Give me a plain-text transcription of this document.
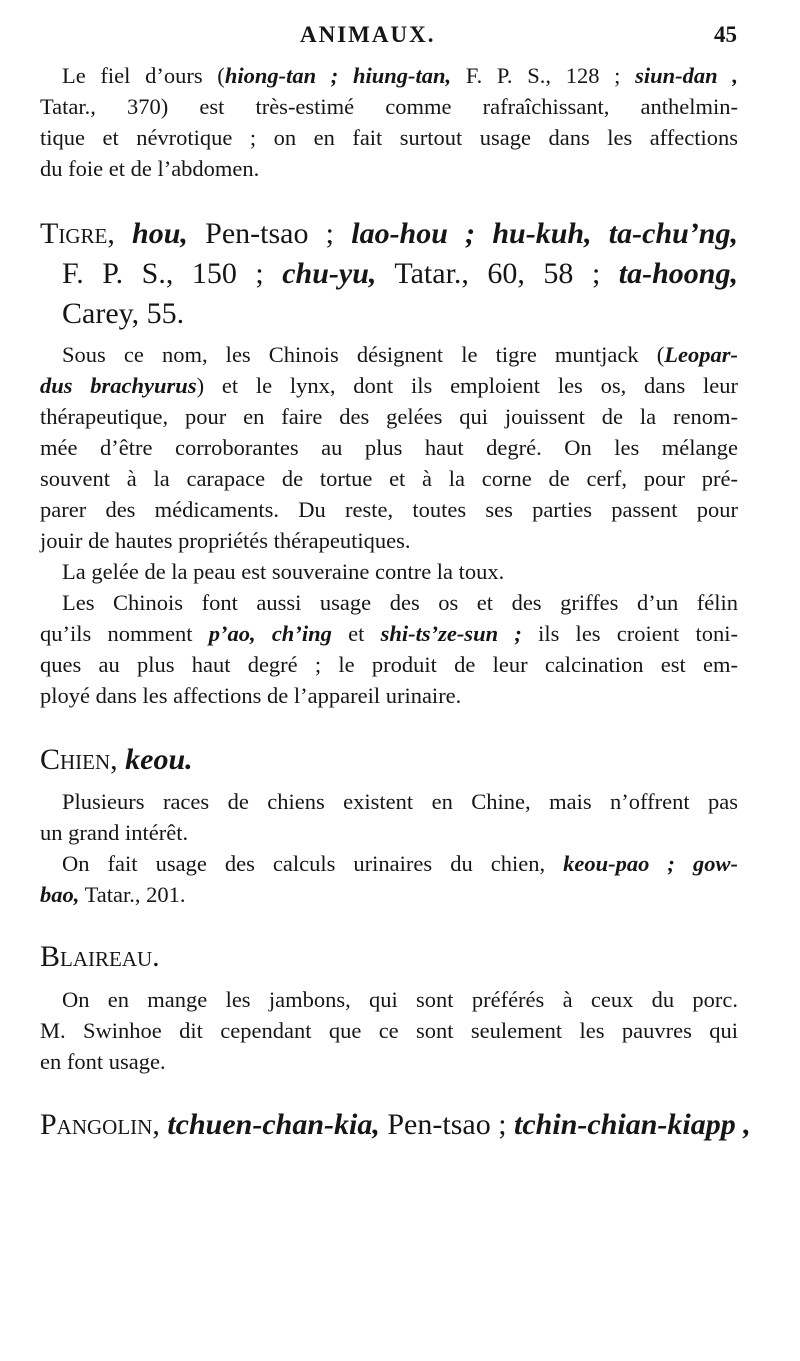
ANIMAUX.	45
Le fiel d’ours (hiong-tan ; hiung-tan, F. P. S., 128 ; siun-dan ,
Tatar., 370) est très-estimé comme rafraîchissant, anthelmin-
tique et névrotique ; on en fait surtout usage dans les affections
du foie et de l’abdomen.
Tigre, hou, Pen-tsao ; lao-hou ; hu-kuh, ta-chu’ng,
F. P. S., 150 ; chu-yu, Tatar., 60, 58 ; ta-hoong,
Carey, 55.
Sous ce nom, les Chinois désignent le tigre muntjack (Leopar-
dus brachyurus) et le lynx, dont ils emploient les os, dans leur
thérapeutique, pour en faire des gelées qui jouissent de la renom-
mée d’être corroborantes au plus haut degré. On les mélange
souvent à la carapace de tortue et à la corne de cerf, pour pré-
parer des médicaments. Du reste, toutes ses parties passent pour
jouir de hautes propriétés thérapeutiques.
La gelée de la peau est souveraine contre la toux.
Les Chinois font aussi usage des os et des griffes d’un félin
qu’ils nomment p’ao, ch’ing et shi-ts’ze-sun ; ils les croient toni-
ques au plus haut degré ; le produit de leur calcination est em-
ployé dans les affections de l’appareil urinaire.
Chien, keou.
Plusieurs races de chiens existent en Chine, mais n’offrent pas
un grand intérêt.
On fait usage des calculs urinaires du chien, keou-pao ; gow-
bao, Tatar., 201.
Blaireau.
On en mange les jambons, qui sont préférés à ceux du porc.
M. Swinhoe dit cependant que ce sont seulement les pauvres qui
en font usage.
Pangolin, tchuen-chan-kia, Pen-tsao ; tchin-chian-kiapp ,
